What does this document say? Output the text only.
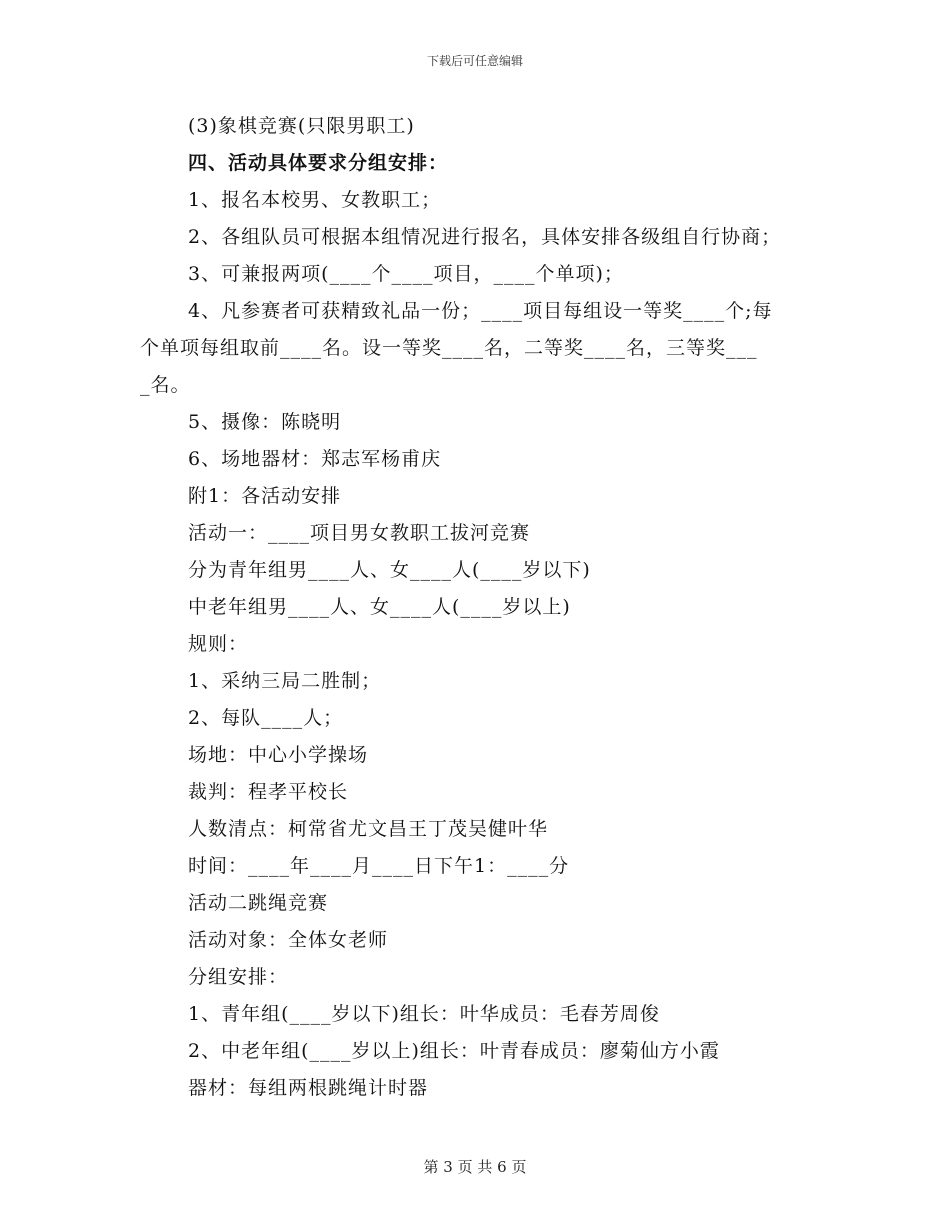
下载后可任意编辑
(3)象棋竞赛(只限男职工)
四、活动具体要求分组安排：
1、报名本校男、女教职工；
2、各组队员可根据本组情况进行报名，具体安排各级组自行协商；
3、可兼报两项(____个____项目，____个单项)；
4、凡参赛者可获精致礼品一份；____项目每组设一等奖____个;每
个单项每组取前____名。设一等奖____名，二等奖____名，三等奖___
_名。
5、摄像：陈晓明
6、场地器材：郑志军杨甫庆
附1：各活动安排
活动一：____项目男女教职工拔河竞赛
分为青年组男____人、女____人(____岁以下)
中老年组男____人、女____人(____岁以上)
规则：
1、采纳三局二胜制；
2、每队____人；
场地：中心小学操场
裁判：程孝平校长
人数清点：柯常省尤文昌王丁茂吴健叶华
时间：____年____月____日下午1：____分
活动二跳绳竞赛
活动对象：全体女老师
分组安排：
1、青年组(____岁以下)组长：叶华成员：毛春芳周俊
2、中老年组(____岁以上)组长：叶青春成员：廖菊仙方小霞
器材：每组两根跳绳计时器
第 3 页 共 6 页
